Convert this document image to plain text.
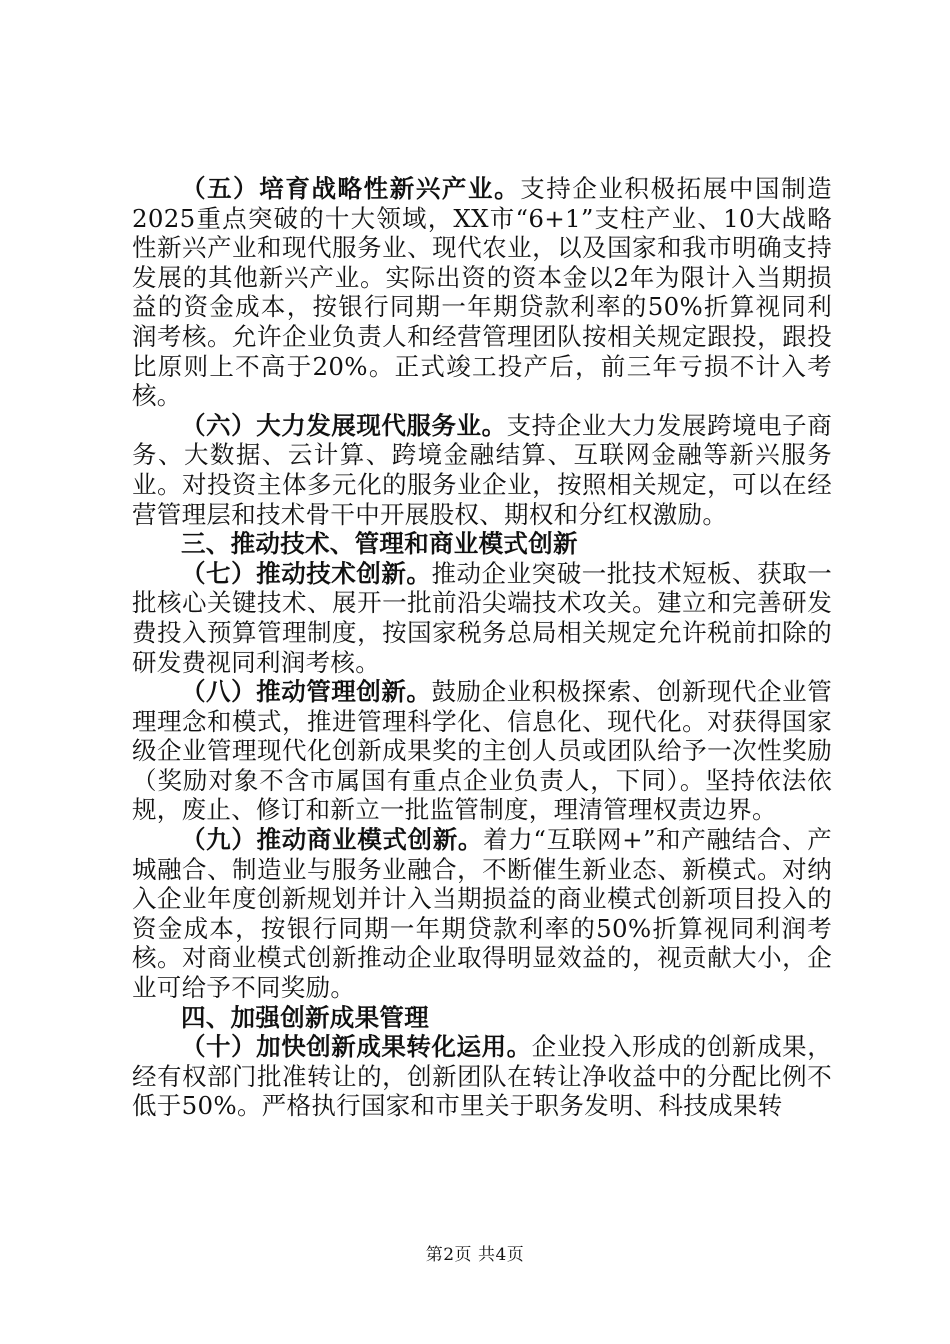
（五）培育战略性新兴产业。支持企业积极拓展中国制造2025重点突破的十大领域，XX市“6+1”支柱产业、10大战略性新兴产业和现代服务业、现代农业，以及国家和我市明确支持发展的其他新兴产业。实际出资的资本金以2年为限计入当期损益的资金成本，按银行同期一年期贷款利率的50%折算视同利润考核。允许企业负责人和经营管理团队按相关规定跟投，跟投比原则上不高于20%。正式竣工投产后，前三年亏损不计入考核。

（六）大力发展现代服务业。支持企业大力发展跨境电子商务、大数据、云计算、跨境金融结算、互联网金融等新兴服务业。对投资主体多元化的服务业企业，按照相关规定，可以在经营管理层和技术骨干中开展股权、期权和分红权激励。

三、推动技术、管理和商业模式创新

（七）推动技术创新。推动企业突破一批技术短板、获取一批核心关键技术、展开一批前沿尖端技术攻关。建立和完善研发费投入预算管理制度，按国家税务总局相关规定允许税前扣除的研发费视同利润考核。

（八）推动管理创新。鼓励企业积极探索、创新现代企业管理理念和模式，推进管理科学化、信息化、现代化。对获得国家级企业管理现代化创新成果奖的主创人员或团队给予一次性奖励（奖励对象不含市属国有重点企业负责人，下同）。坚持依法依规，废止、修订和新立一批监管制度，理清管理权责边界。

（九）推动商业模式创新。着力“互联网+”和产融结合、产城融合、制造业与服务业融合，不断催生新业态、新模式。对纳入企业年度创新规划并计入当期损益的商业模式创新项目投入的资金成本，按银行同期一年期贷款利率的50%折算视同利润考核。对商业模式创新推动企业取得明显效益的，视贡献大小，企业可给予不同奖励。

四、加强创新成果管理

（十）加快创新成果转化运用。企业投入形成的创新成果，经有权部门批准转让的，创新团队在转让净收益中的分配比例不低于50%。严格执行国家和市里关于职务发明、科技成果转

第2页 共4页
